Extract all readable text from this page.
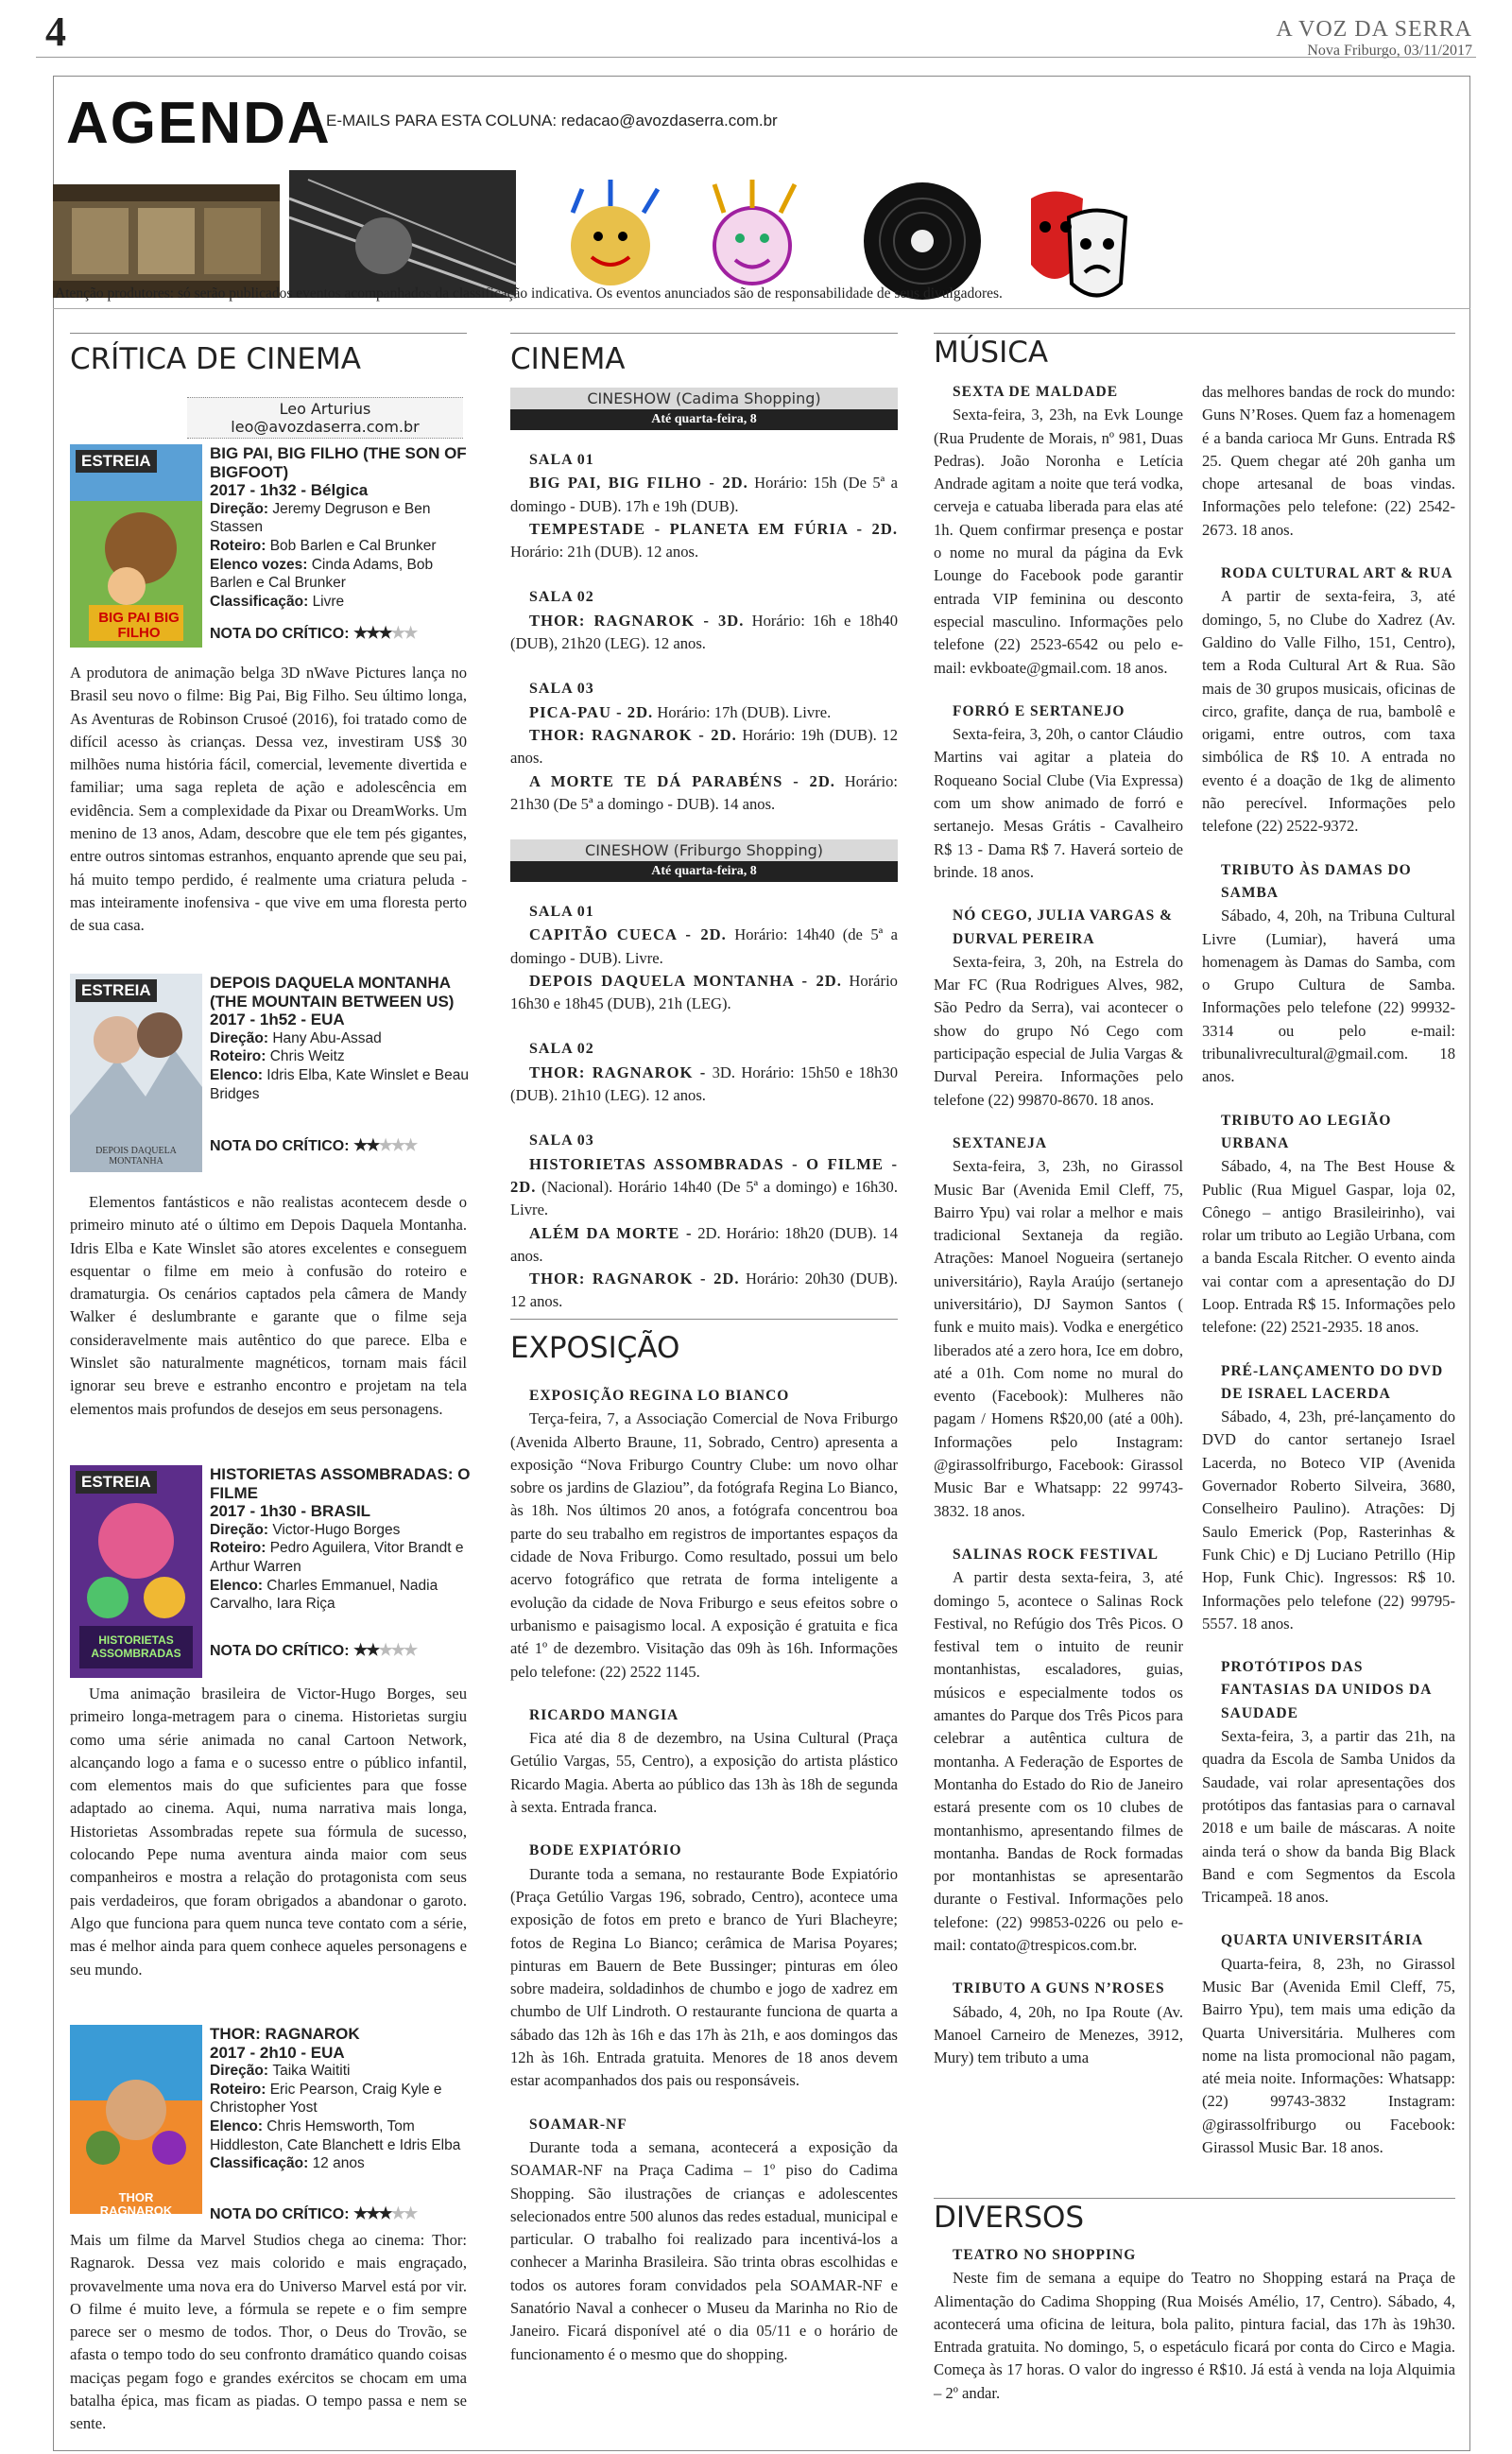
4	A VOZ DA SERRA
Nova Friburgo, 03/11/2017
AGENDA
E-MAILS PARA ESTA COLUNA: redacao@avozdaserra.com.br
Atenção produtores: só serão publicados eventos acompanhados da classificação indicativa. Os eventos anunciados são de responsabilidade de seus divulgadores.
CRÍTICA DE CINEMA
Leo Arturius
leo@avozdaserra.com.br
ESTREIA
BIG PAI BIG FILHO
BIG PAI, BIG FILHO (THE SON OF BIGFOOT)
2017 - 1h32 - Bélgica
Direção: Jeremy Degruson e Ben Stassen
Roteiro: Bob Barlen e Cal Brunker
Elenco vozes: Cinda Adams, Bob Barlen e Cal Brunker
Classificação: Livre
NOTA DO CRÍTICO: ★★★★★
A produtora de animação belga 3D nWave Pictures lança no Brasil seu novo o filme: Big Pai, Big Filho. Seu último longa, As Aventuras de Robinson Crusoé (2016), foi tratado como de difícil acesso às crianças. Dessa vez, investiram US$ 30 milhões numa história fácil, comercial, levemente divertida e familiar; uma saga repleta de ação e adolescência em evidência. Sem a complexidade da Pixar ou DreamWorks. Um menino de 13 anos, Adam, descobre que ele tem pés gigantes, entre outros sintomas estranhos, enquanto aprende que seu pai, há muito tempo perdido, é realmente uma criatura peluda - mas inteiramente inofensiva - que vive em uma floresta perto de sua casa.
ESTREIA
DEPOIS DAQUELA MONTANHA
DEPOIS DAQUELA MONTANHA (THE MOUNTAIN BETWEEN US)
2017 - 1h52 - EUA
Direção: Hany Abu-Assad
Roteiro: Chris Weitz
Elenco: Idris Elba, Kate Winslet e Beau Bridges
NOTA DO CRÍTICO: ★★★★★
Elementos fantásticos e não realistas acontecem desde o primeiro minuto até o último em Depois Daquela Montanha. Idris Elba e Kate Winslet são atores excelentes e conseguem esquentar o filme em meio à confusão do roteiro e dramaturgia. Os cenários captados pela câmera de Mandy Walker é deslumbrante e garante que o filme seja consideravelmente mais autêntico do que parece. Elba e Winslet são naturalmente magnéticos, tornam mais fácil ignorar seu breve e estranho encontro e projetam na tela elementos mais profundos de desejos em seus personagens.
ESTREIA
HISTORIETAS ASSOMBRADAS
HISTORIETAS ASSOMBRADAS: O FILME
2017 - 1h30 - BRASIL
Direção: Victor-Hugo Borges
Roteiro: Pedro Aguilera, Vitor Brandt e Arthur Warren
Elenco: Charles Emmanuel, Nadia Carvalho, Iara Riça
NOTA DO CRÍTICO: ★★★★★
Uma animação brasileira de Victor-Hugo Borges, seu primeiro longa-metragem para o cinema. Historietas surgiu como uma série animada no canal Cartoon Network, alcançando logo a fama e o sucesso entre o público infantil, com elementos mais do que suficientes para que fosse adaptado ao cinema. Aqui, numa narrativa mais longa, Historietas Assombradas repete sua fórmula de sucesso, colocando Pepe numa aventura ainda maior com seus companheiros e mostra a relação do protagonista com seus pais verdadeiros, que foram obrigados a abandonar o garoto. Algo que funciona para quem nunca teve contato com a série, mas é melhor ainda para quem conhece aqueles personagens e seu mundo.
THOR RAGNAROK
THOR: RAGNAROK
2017 - 2h10 - EUA
Direção: Taika Waititi
Roteiro: Eric Pearson, Craig Kyle e Christopher Yost
Elenco: Chris Hemsworth, Tom Hiddleston, Cate Blanchett e Idris Elba
Classificação: 12 anos
NOTA DO CRÍTICO: ★★★★★
Mais um filme da Marvel Studios chega ao cinema: Thor: Ragnarok. Dessa vez mais colorido e mais engraçado, provavelmente uma nova era do Universo Marvel está por vir. O filme é muito leve, a fórmula se repete e o fim sempre parece ser o mesmo de todos. Thor, o Deus do Trovão, se afasta o tempo todo do seu confronto dramático quando coisas maciças pegam fogo e grandes exércitos se chocam em uma batalha épica, mas ficam as piadas. O tempo passa e nem se sente.
CINEMA
CINESHOW (Cadima Shopping)
Até quarta-feira, 8
SALA 01

BIG PAI, BIG FILHO - 2D. Horário: 15h (De 5ª a domingo - DUB). 17h e 19h (DUB).

TEMPESTADE - PLANETA EM FÚRIA - 2D. Horário: 21h (DUB). 12 anos.

SALA 02

THOR: RAGNAROK - 3D. Horário: 16h e 18h40 (DUB), 21h20 (LEG). 12 anos.

SALA 03

PICA-PAU - 2D. Horário: 17h (DUB). Livre.

THOR: RAGNAROK - 2D. Horário: 19h (DUB). 12 anos.

A MORTE TE DÁ PARABÉNS - 2D. Horário: 21h30 (De 5ª a domingo - DUB). 14 anos.

CINESHOW (Friburgo Shopping)
Até quarta-feira, 8
SALA 01

CAPITÃO CUECA - 2D. Horário: 14h40 (de 5ª a domingo - DUB). Livre.

DEPOIS DAQUELA MONTANHA - 2D. Horário 16h30 e 18h45 (DUB), 21h (LEG).

SALA 02

THOR: RAGNAROK - 3D. Horário: 15h50 e 18h30 (DUB). 21h10 (LEG). 12 anos.

SALA 03

HISTORIETAS ASSOMBRADAS - O FILME - 2D. (Nacional). Horário 14h40 (De 5ª a domingo) e 16h30. Livre.

ALÉM DA MORTE - 2D. Horário: 18h20 (DUB). 14 anos.

THOR: RAGNAROK - 2D. Horário: 20h30 (DUB). 12 anos.

EXPOSIÇÃO
EXPOSIÇÃO REGINA LO BIANCO

Terça-feira, 7, a Associação Comercial de Nova Friburgo (Avenida Alberto Braune, 11, Sobrado, Centro) apresenta a exposição “Nova Friburgo Country Clube: um novo olhar sobre os jardins de Glaziou”, da fotógrafa Regina Lo Bianco, às 18h. Nos últimos 20 anos, a fotógrafa concentrou boa parte do seu trabalho em registros de importantes espaços da cidade de Nova Friburgo. Como resultado, possui um belo acervo fotográfico que retrata de forma inteligente a evolução da cidade de Nova Friburgo e seus efeitos sobre o urbanismo e paisagismo local. A exposição é gratuita e fica até 1º de dezembro. Visitação das 09h às 16h. Informações pelo telefone: (22) 2522 1145.

RICARDO MANGIA

Fica até dia 8 de dezembro, na Usina Cultural (Praça Getúlio Vargas, 55, Centro), a exposição do artista plástico Ricardo Magia. Aberta ao público das 13h às 18h de segunda à sexta. Entrada franca.

BODE EXPIATÓRIO

Durante toda a semana, no restaurante Bode Expiatório (Praça Getúlio Vargas 196, sobrado, Centro), acontece uma exposição de fotos em preto e branco de Yuri Blacheyre; fotos de Regina Lo Bianco; cerâmica de Marisa Poyares; pinturas em Bauern de Bete Bussinger; pinturas em óleo sobre madeira, soldadinhos de chumbo e jogo de xadrez em chumbo de Ulf Lindroth. O restaurante funciona de quarta a sábado das 12h às 16h e das 17h às 21h, e aos domingos das 12h às 16h. Entrada gratuita. Menores de 18 anos devem estar acompanhados dos pais ou responsáveis.

SOAMAR-NF

Durante toda a semana, acontecerá a exposição da SOAMAR-NF na Praça Cadima – 1º piso do Cadima Shopping. São ilustrações de crianças e adolescentes selecionados entre 500 alunos das redes estadual, municipal e particular. O trabalho foi realizado para incentivá-los a conhecer a Marinha Brasileira. São trinta obras escolhidas e todos os autores foram convidados pela SOAMAR-NF e Sanatório Naval a conhecer o Museu da Marinha no Rio de Janeiro. Ficará disponível até o dia 05/11 e o horário de funcionamento é o mesmo que do shopping.

MÚSICA
SEXTA DE MALDADE

Sexta-feira, 3, 23h, na Evk Lounge (Rua Prudente de Morais, nº 981, Duas Pedras). João Noronha e Letícia Andrade agitam a noite que terá vodka, cerveja e catuaba liberada para elas até 1h. Quem confirmar presença e postar o nome no mural da página da Evk Lounge do Facebook pode garantir entrada VIP feminina ou desconto especial masculino. Informações pelo telefone (22) 2523-6542 ou pelo e-mail: evkboate@gmail.com. 18 anos.

FORRÓ E SERTANEJO

Sexta-feira, 3, 20h, o cantor Cláudio Martins vai agitar a plateia do Roqueano Social Clube (Via Expressa) com um show animado de forró e sertanejo. Mesas Grátis - Cavalheiro R$ 13 - Dama R$ 7. Haverá sorteio de brinde. 18 anos.

NÓ CEGO, JULIA VARGAS & DURVAL PEREIRA

Sexta-feira, 3, 20h, na Estrela do Mar FC (Rua Rodrigues Alves, 982, São Pedro da Serra), vai acontecer o show do grupo Nó Cego com participação especial de Julia Vargas & Durval Pereira. Informações pelo telefone (22) 99870-8670. 18 anos.

SEXTANEJA

Sexta-feira, 3, 23h, no Girassol Music Bar (Avenida Emil Cleff, 75, Bairro Ypu) vai rolar a melhor e mais tradicional Sextaneja da região. Atrações: Manoel Nogueira (sertanejo universitário), Rayla Araújo (sertanejo universitário), DJ Saymon Santos ( funk e muito mais). Vodka e energético liberados até a zero hora, Ice em dobro, até a 01h. Com nome no mural do evento (Facebook): Mulheres não pagam / Homens R$20,00 (até a 00h). Informações pelo Instagram: @girassolfriburgo, Facebook: Girassol Music Bar e Whatsapp: 22 99743-3832. 18 anos.

SALINAS ROCK FESTIVAL

A partir desta sexta-feira, 3, até domingo 5, acontece o Salinas Rock Festival, no Refúgio dos Três Picos. O festival tem o intuito de reunir montanhistas, escaladores, guias, músicos e especialmente todos os amantes do Parque dos Três Picos para celebrar a autêntica cultura de montanha. A Federação de Esportes de Montanha do Estado do Rio de Janeiro estará presente com os 10 clubes de montanhismo, apresentando filmes de montanha. Bandas de Rock formadas por montanhistas se apresentarão durante o Festival. Informações pelo telefone: (22) 99853-0226 ou pelo e-mail: contato@trespicos.com.br.

TRIBUTO A GUNS N’ROSES

Sábado, 4, 20h, no Ipa Route (Av. Manoel Carneiro de Menezes, 3912, Mury) tem tributo a uma

das melhores bandas de rock do mundo: Guns N’Roses. Quem faz a homenagem é a banda carioca Mr Guns. Entrada R$ 25. Quem chegar até 20h ganha um chope artesanal de boas vindas. Informações pelo telefone: (22) 2542-2673. 18 anos.

RODA CULTURAL ART & RUA

A partir de sexta-feira, 3, até domingo, 5, no Clube do Xadrez (Av. Galdino do Valle Filho, 151, Centro), tem a Roda Cultural Art & Rua. São mais de 30 grupos musicais, oficinas de circo, grafite, dança de rua, bambolê e origami, entre outros, com taxa simbólica de R$ 10. A entrada no evento é a doação de 1kg de alimento não perecível. Informações pelo telefone (22) 2522-9372.

TRIBUTO ÀS DAMAS DO SAMBA

Sábado, 4, 20h, na Tribuna Cultural Livre (Lumiar), haverá uma homenagem às Damas do Samba, com o Grupo Cultura de Samba. Informações pelo telefone (22) 99932-3314 ou pelo e-mail: tribunalivrecultural@gmail.com. 18 anos.

TRIBUTO AO LEGIÃO URBANA

Sábado, 4, na The Best House & Public (Rua Miguel Gaspar, loja 02, Cônego – antigo Brasileirinho), vai rolar um tributo ao Legião Urbana, com a banda Escala Ritcher. O evento ainda vai contar com a apresentação do DJ Loop. Entrada R$ 15. Informações pelo telefone: (22) 2521-2935. 18 anos.

PRÉ-LANÇAMENTO DO DVD DE ISRAEL LACERDA

Sábado, 4, 23h, pré-lançamento do DVD do cantor sertanejo Israel Lacerda, no Boteco VIP (Avenida Governador Roberto Silveira, 3680, Conselheiro Paulino). Atrações: Dj Saulo Emerick (Pop, Rasterinhas & Funk Chic) e Dj Luciano Petrillo (Hip Hop, Funk Chic). Ingressos: R$ 10. Informações pelo telefone (22) 99795-5557. 18 anos.

PROTÓTIPOS DAS FANTASIAS DA UNIDOS DA SAUDADE

Sexta-feira, 3, a partir das 21h, na quadra da Escola de Samba Unidos da Saudade, vai rolar apresentações dos protótipos das fantasias para o carnaval 2018 e um baile de máscaras. A noite ainda terá o show da banda Big Black Band e com Segmentos da Escola Tricampeã. 18 anos.

QUARTA UNIVERSITÁRIA

Quarta-feira, 8, 23h, no Girassol Music Bar (Avenida Emil Cleff, 75, Bairro Ypu), tem mais uma edição da Quarta Universitária. Mulheres com nome na lista promocional não pagam, até meia noite. Informações: Whatsapp: (22) 99743-3832 Instagram: @girassolfriburgo ou Facebook: Girassol Music Bar. 18 anos.

DIVERSOS
TEATRO NO SHOPPING

Neste fim de semana a equipe do Teatro no Shopping estará na Praça de Alimentação do Cadima Shopping (Rua Moisés Amélio, 17, Centro). Sábado, 4, acontecerá uma oficina de leitura, bola palito, pintura facial, das 17h às 19h30. Entrada gratuita. No domingo, 5, o espetáculo ficará por conta do Circo e Magia. Começa às 17 horas. O valor do ingresso é R$10. Já está à venda na loja Alquimia – 2º andar.
